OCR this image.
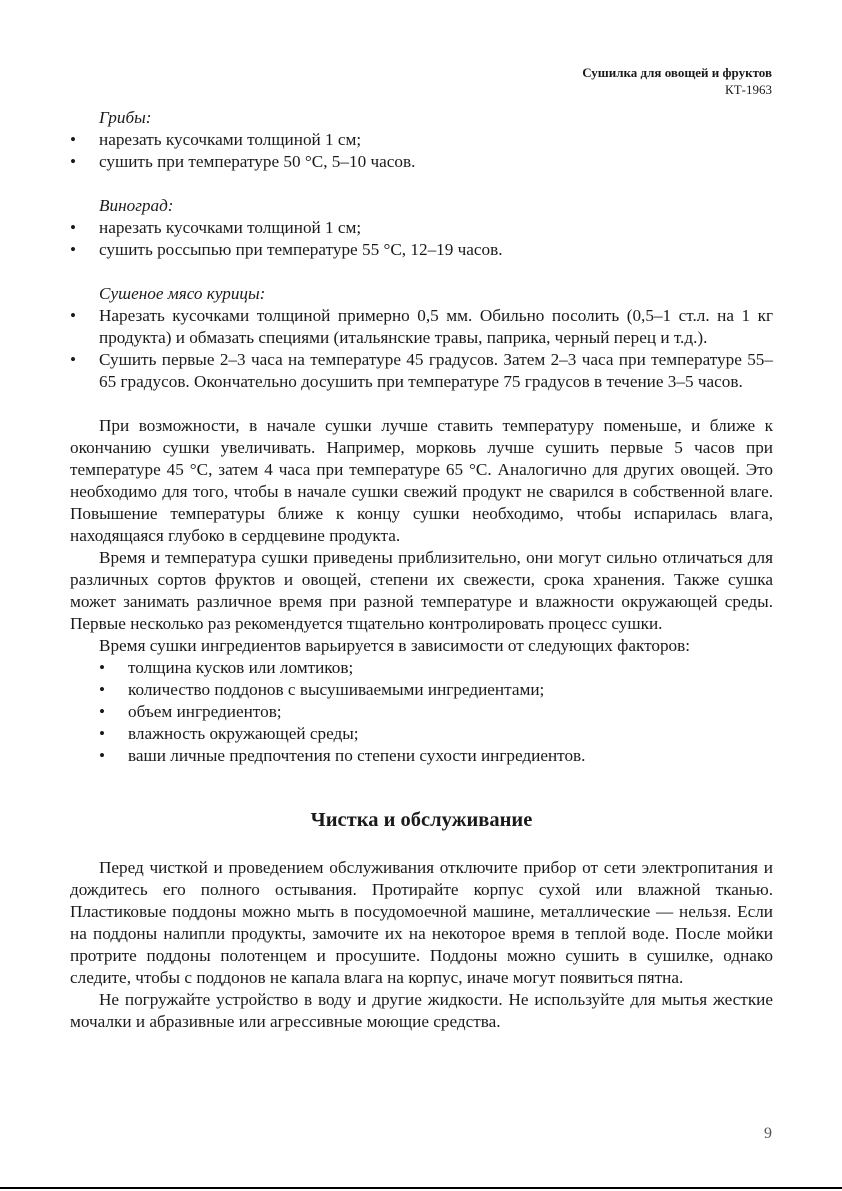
Сушилка для овощей и фруктов
КТ-1963
Грибы:
• нарезать кусочками толщиной 1 см;
• сушить при температуре 50 °С, 5–10 часов.
Виноград:
• нарезать кусочками толщиной 1 см;
• сушить россыпью при температуре 55 °С, 12–19 часов.
Сушеное мясо курицы:
• Нарезать кусочками толщиной примерно 0,5 мм. Обильно посолить (0,5–1 ст.л. на 1 кг продукта) и обмазать специями (итальянские травы, паприка, черный перец и т.д.).
• Сушить первые 2–3 часа на температуре 45 градусов. Затем 2–3 часа при температуре 55–65 градусов. Окончательно досушить при температуре 75 градусов в течение 3–5 часов.

При возможности, в начале сушки лучше ставить температуру поменьше, и ближе к окончанию сушки увеличивать. Например, морковь лучше сушить первые 5 часов при температуре 45 °С, затем 4 часа при температуре 65 °С. Аналогично для других овощей. Это необходимо для того, чтобы в начале сушки свежий продукт не сварился в собственной влаге. Повышение температуры ближе к концу сушки необходимо, чтобы испарилась влага, находящаяся глубоко в сердцевине продукта.

Время и температура сушки приведены приблизительно, они могут сильно отличаться для различных сортов фруктов и овощей, степени их свежести, срока хранения. Также сушка может занимать различное время при разной температуре и влажности окружающей среды. Первые несколько раз рекомендуется тщательно контролировать процесс сушки.

Время сушки ингредиентов варьируется в зависимости от следующих факторов:

• толщина кусков или ломтиков;
• количество поддонов с высушиваемыми ингредиентами;
• объем ингредиентов;
• влажность окружающей среды;
• ваши личные предпочтения по степени сухости ингредиентов.
Чистка и обслуживание

Перед чисткой и проведением обслуживания отключите прибор от сети электропитания и дождитесь его полного остывания. Протирайте корпус сухой или влажной тканью. Пластиковые поддоны можно мыть в посудомоечной машине, металлические — нельзя. Если на поддоны налипли продукты, замочите их на некоторое время в теплой воде. После мойки протрите поддоны полотенцем и просушите. Поддоны можно сушить в сушилке, однако следите, чтобы с поддонов не капала влага на корпус, иначе могут появиться пятна.

Не погружайте устройство в воду и другие жидкости. Не используйте для мытья жесткие мочалки и абразивные или агрессивные моющие средства.

9
